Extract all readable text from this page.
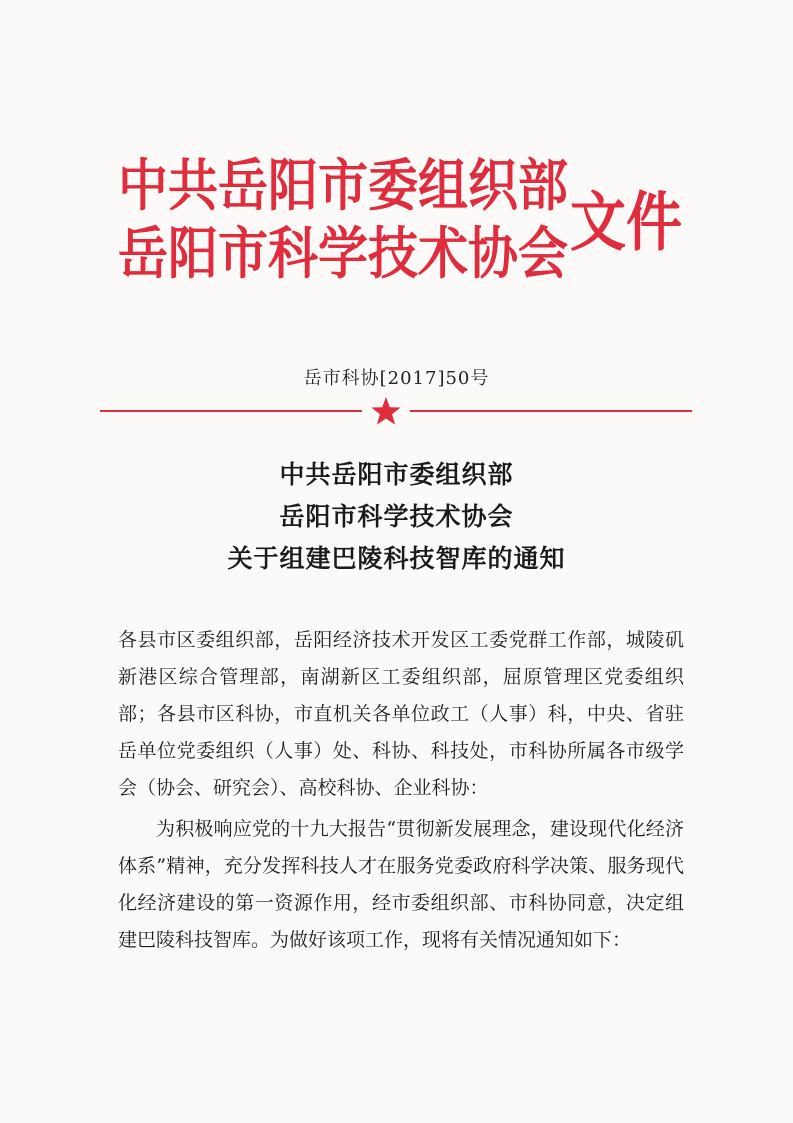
中共岳阳市委组织部
岳阳市科学技术协会 文件
岳市科协[2017]50号
中共岳阳市委组织部
岳阳市科学技术协会
关于组建巴陵科技智库的通知

各县市区委组织部，岳阳经济技术开发区工委党群工作部，城陵矶新港区综合管理部，南湖新区工委组织部，屈原管理区党委组织部；各县市区科协，市直机关各单位政工（人事）科，中央、省驻岳单位党委组织（人事）处、科协、科技处，市科协所属各市级学会（协会、研究会）、高校科协、企业科协：

为积极响应党的十九大报告“贯彻新发展理念，建设现代化经济体系”精神，充分发挥科技人才在服务党委政府科学决策、服务现代化经济建设的第一资源作用，经市委组织部、市科协同意，决定组建巴陵科技智库。为做好该项工作，现将有关情况通知如下：
